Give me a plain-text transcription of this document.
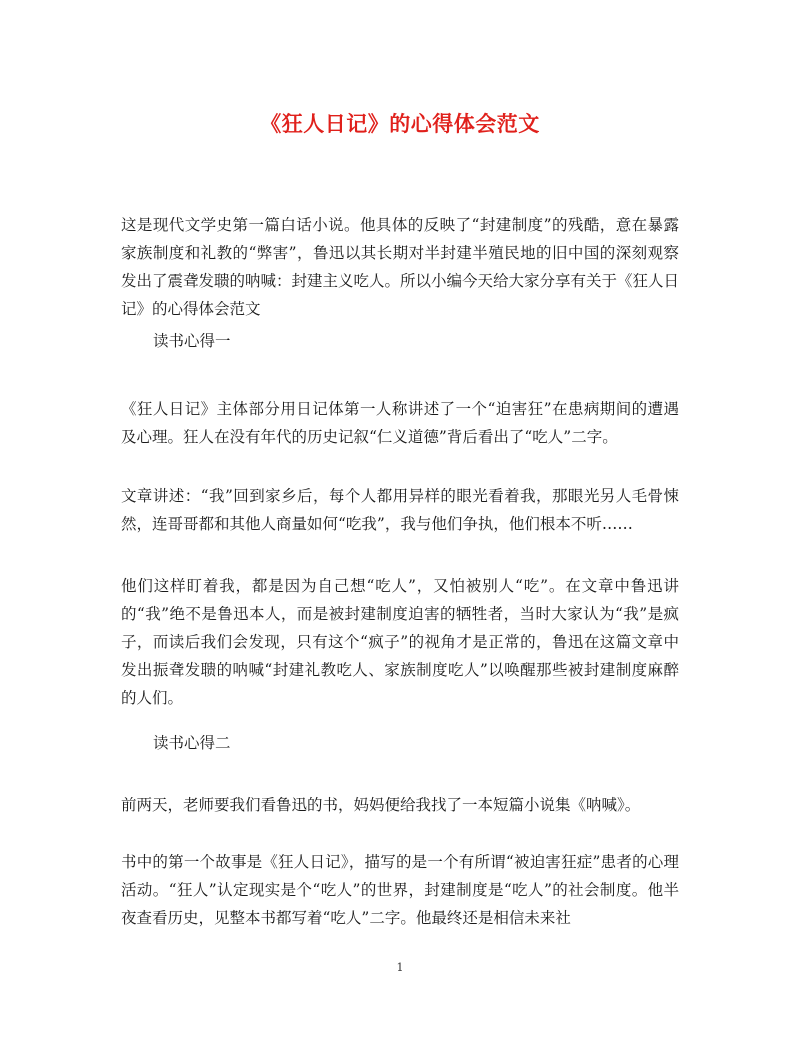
《狂人日记》的心得体会范文

这是现代文学史第一篇白话小说。他具体的反映了“封建制度”的残酷，意在暴露家族制度和礼教的“弊害”，鲁迅以其长期对半封建半殖民地的旧中国的深刻观察发出了震聋发聩的呐喊：封建主义吃人。所以小编今天给大家分享有关于《狂人日记》的心得体会范文

读书心得一

《狂人日记》主体部分用日记体第一人称讲述了一个“迫害狂”在患病期间的遭遇及心理。狂人在没有年代的历史记叙“仁义道德”背后看出了“吃人”二字。

文章讲述：“我”回到家乡后，每个人都用异样的眼光看着我，那眼光另人毛骨悚然，连哥哥都和其他人商量如何“吃我”，我与他们争执，他们根本不听……

他们这样盯着我，都是因为自己想“吃人”，又怕被别人“吃”。在文章中鲁迅讲的“我”绝不是鲁迅本人，而是被封建制度迫害的牺牲者，当时大家认为“我”是疯子，而读后我们会发现，只有这个“疯子”的视角才是正常的，鲁迅在这篇文章中发出振聋发聩的呐喊“封建礼教吃人、家族制度吃人”以唤醒那些被封建制度麻醉的人们。

读书心得二

前两天，老师要我们看鲁迅的书，妈妈便给我找了一本短篇小说集《呐喊》。

书中的第一个故事是《狂人日记》，描写的是一个有所谓“被迫害狂症”患者的心理活动。“狂人”认定现实是个“吃人”的世界，封建制度是“吃人”的社会制度。他半夜查看历史，见整本书都写着“吃人”二字。他最终还是相信未来社

1
